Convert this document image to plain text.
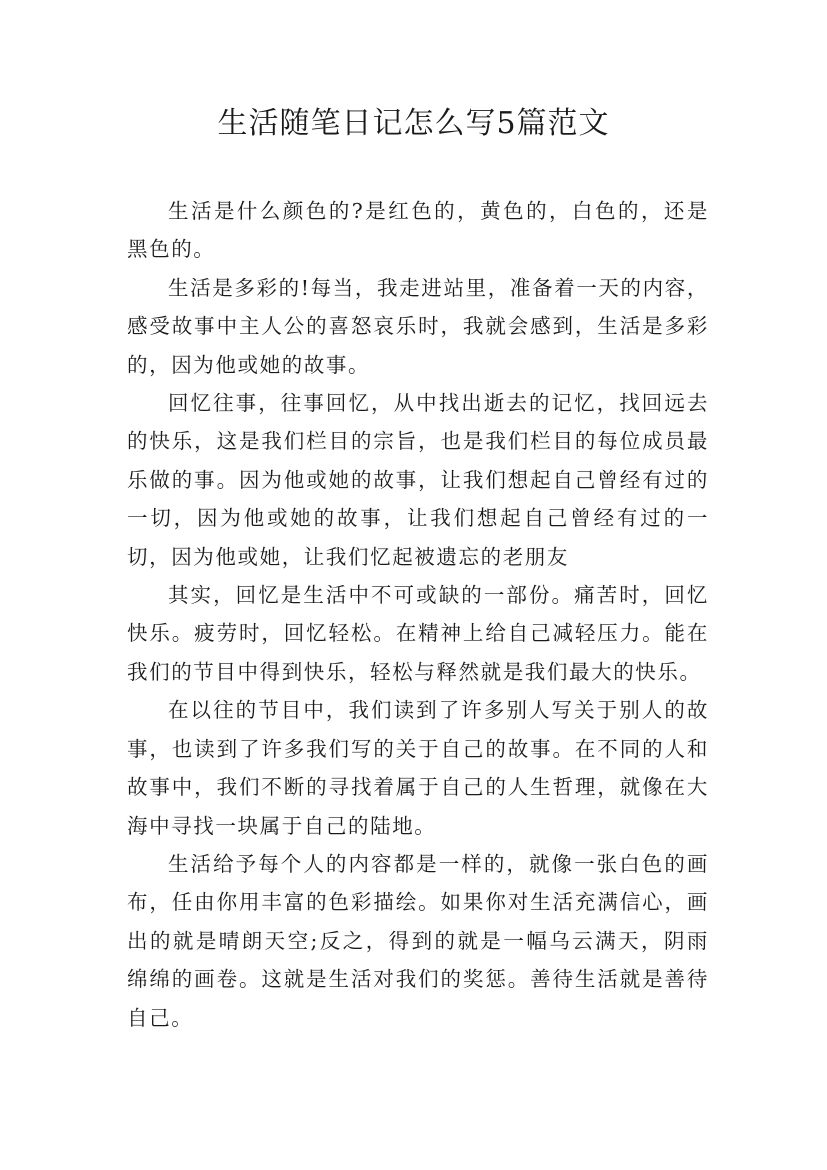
生活随笔日记怎么写5篇范文

生活是什么颜色的?是红色的，黄色的，白色的，还是黑色的。

生活是多彩的!每当，我走进站里，准备着一天的内容，感受故事中主人公的喜怒哀乐时，我就会感到，生活是多彩的，因为他或她的故事。

回忆往事，往事回忆，从中找出逝去的记忆，找回远去的快乐，这是我们栏目的宗旨，也是我们栏目的每位成员最乐做的事。因为他或她的故事，让我们想起自己曾经有过的一切，因为他或她的故事，让我们想起自己曾经有过的一切，因为他或她，让我们忆起被遗忘的老朋友

其实，回忆是生活中不可或缺的一部份。痛苦时，回忆快乐。疲劳时，回忆轻松。在精神上给自己减轻压力。能在我们的节目中得到快乐，轻松与释然就是我们最大的快乐。

在以往的节目中，我们读到了许多别人写关于别人的故事，也读到了许多我们写的关于自己的故事。在不同的人和故事中，我们不断的寻找着属于自己的人生哲理，就像在大海中寻找一块属于自己的陆地。

生活给予每个人的内容都是一样的，就像一张白色的画布，任由你用丰富的色彩描绘。如果你对生活充满信心，画出的就是晴朗天空;反之，得到的就是一幅乌云满天，阴雨绵绵的画卷。这就是生活对我们的奖惩。善待生活就是善待自己。
